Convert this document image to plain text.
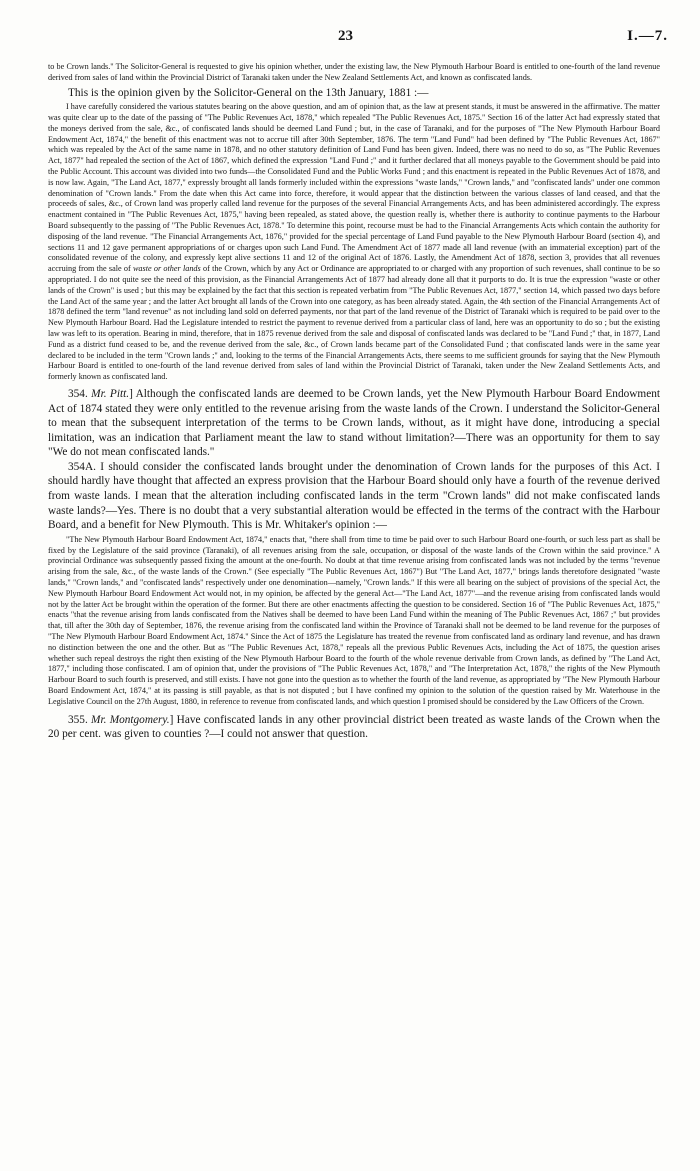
23	I.—7.

to be Crown lands." The Solicitor-General is requested to give his opinion whether, under the existing law, the New Plymouth Harbour Board is entitled to one-fourth of the land revenue derived from sales of land within the Provincial District of Taranaki taken under the New Zealand Settlements Act, and known as confiscated lands.

This is the opinion given by the Solicitor-General on the 13th January, 1881 :—

I have carefully considered the various statutes bearing on the above question, and am of opinion that, as the law at present stands, it must be answered in the affirmative. The matter was quite clear up to the date of the passing of "The Public Revenues Act, 1878," which repealed "The Public Revenues Act, 1875." Section 16 of the latter Act had expressly stated that the moneys derived from the sale, &c., of confiscated lands should be deemed Land Fund ; but, in the case of Taranaki, and for the purposes of "The New Plymouth Harbour Board Endowment Act, 1874," the benefit of this enactment was not to accrue till after 30th September, 1876. The term "Land Fund" had been defined by "The Public Revenues Act, 1867" which was repealed by the Act of the same name in 1878, and no other statutory definition of Land Fund has been given. Indeed, there was no need to do so, as "The Public Revenues Act, 1877" had repealed the section of the Act of 1867, which defined the expression "Land Fund ;" and it further declared that all moneys payable to the Government should be paid into the Public Account. This account was divided into two funds—the Consolidated Fund and the Public Works Fund ; and this enactment is repeated in the Public Revenues Act of 1878, and is now law. Again, "The Land Act, 1877," expressly brought all lands formerly included within the expressions "waste lands," "Crown lands," and "confiscated lands" under one common denomination of "Crown lands." From the date when this Act came into force, therefore, it would appear that the distinction between the various classes of land ceased, and that the proceeds of sales, &c., of Crown land was properly called land revenue for the purposes of the several Financial Arrangements Acts, and has been administered accordingly. The express enactment contained in "The Public Revenues Act, 1875," having been repealed, as stated above, the question really is, whether there is authority to continue payments to the Harbour Board subsequently to the passing of "The Public Revenues Act, 1878." To determine this point, recourse must be had to the Financial Arrangements Acts which contain the authority for disposing of the land revenue. "The Financial Arrangements Act, 1876," provided for the special percentage of Land Fund payable to the New Plymouth Harbour Board (section 4), and sections 11 and 12 gave permanent appropriations of or charges upon such Land Fund. The Amendment Act of 1877 made all land revenue (with an immaterial exception) part of the consolidated revenue of the colony, and expressly kept alive sections 11 and 12 of the original Act of 1876. Lastly, the Amendment Act of 1878, section 3, provides that all revenues accruing from the sale of waste or other lands of the Crown, which by any Act or Ordinance are appropriated to or charged with any proportion of such revenues, shall continue to be so appropriated. I do not quite see the need of this provision, as the Financial Arrangements Act of 1877 had already done all that it purports to do. It is true the expression "waste or other lands of the Crown" is used ; but this may be explained by the fact that this section is repeated verbatim from "The Public Revenues Act, 1877," section 14, which passed two days before the Land Act of the same year ; and the latter Act brought all lands of the Crown into one category, as has been already stated. Again, the 4th section of the Financial Arrangements Act of 1878 defined the term "land revenue" as not including land sold on deferred payments, nor that part of the land revenue of the District of Taranaki which is required to be paid over to the New Plymouth Harbour Board. Had the Legislature intended to restrict the payment to revenue derived from a particular class of land, here was an opportunity to do so ; but the existing law was left to its operation. Bearing in mind, therefore, that in 1875 revenue derived from the sale and disposal of confiscated lands was declared to be "Land Fund ;" that, in 1877, Land Fund as a district fund ceased to be, and the revenue derived from the sale, &c., of Crown lands became part of the Consolidated Fund ; that confiscated lands were in the same year declared to be included in the term "Crown lands ;" and, looking to the terms of the Financial Arrangements Acts, there seems to me sufficient grounds for saying that the New Plymouth Harbour Board is entitled to one-fourth of the land revenue derived from sales of land within the Provincial District of Taranaki, taken under the New Zealand Settlements Acts, and formerly known as confiscated land.

354. Mr. Pitt.] Although the confiscated lands are deemed to be Crown lands, yet the New Plymouth Harbour Board Endowment Act of 1874 stated they were only entitled to the revenue arising from the waste lands of the Crown. I understand the Solicitor-General to mean that the subsequent interpretation of the terms to be Crown lands, without, as it might have done, introducing a special limitation, was an indication that Parliament meant the law to stand without limitation?—There was an opportunity for them to say "We do not mean confiscated lands."

354A. I should consider the confiscated lands brought under the denomination of Crown lands for the purposes of this Act. I should hardly have thought that affected an express provision that the Harbour Board should only have a fourth of the revenue derived from waste lands. I mean that the alteration including confiscated lands in the term "Crown lands" did not make confiscated lands waste lands?—Yes. There is no doubt that a very substantial alteration would be effected in the terms of the contract with the Harbour Board, and a benefit for New Plymouth. This is Mr. Whitaker's opinion :—

"The New Plymouth Harbour Board Endowment Act, 1874," enacts that, "there shall from time to time be paid over to such Harbour Board one-fourth, or such less part as shall be fixed by the Legislature of the said province (Taranaki), of all revenues arising from the sale, occupation, or disposal of the waste lands of the Crown within the said province." A provincial Ordinance was subsequently passed fixing the amount at the one-fourth. No doubt at that time revenue arising from confiscated lands was not included by the terms "revenue arising from the sale, &c., of the waste lands of the Crown." (See especially "The Public Revenues Act, 1867") But "The Land Act, 1877," brings lands theretofore designated "waste lands," "Crown lands," and "confiscated lands" respectively under one denomination—namely, "Crown lands." If this were all bearing on the subject of provisions of the special Act, the New Plymouth Harbour Board Endowment Act would not, in my opinion, be affected by the general Act—"The Land Act, 1877"—and the revenue arising from confiscated lands would not by the latter Act be brought within the operation of the former. But there are other enactments affecting the question to be considered. Section 16 of "The Public Revenues Act, 1875," enacts "that the revenue arising from lands confiscated from the Natives shall be deemed to have been Land Fund within the meaning of The Public Revenues Act, 1867 ;" but provides that, till after the 30th day of September, 1876, the revenue arising from the confiscated land within the Province of Taranaki shall not be deemed to be land revenue for the purposes of "The New Plymouth Harbour Board Endowment Act, 1874." Since the Act of 1875 the Legislature has treated the revenue from confiscated land as ordinary land revenue, and has drawn no distinction between the one and the other. But as "The Public Revenues Act, 1878," repeals all the previous Public Revenues Acts, including the Act of 1875, the question arises whether such repeal destroys the right then existing of the New Plymouth Harbour Board to the fourth of the whole revenue derivable from Crown lands, as defined by "The Land Act, 1877," including those confiscated. I am of opinion that, under the provisions of "The Public Revenues Act, 1878," and "The Interpretation Act, 1878," the rights of the New Plymouth Harbour Board to such fourth is preserved, and still exists. I have not gone into the question as to whether the fourth of the land revenue, as appropriated by "The New Plymouth Harbour Board Endowment Act, 1874," at its passing is still payable, as that is not disputed ; but I have confined my opinion to the solution of the question raised by Mr. Waterhouse in the Legislative Council on the 27th August, 1880, in reference to revenue from confiscated lands, and which question I promised should be considered by the Law Officers of the Crown.

355. Mr. Montgomery.] Have confiscated lands in any other provincial district been treated as waste lands of the Crown when the 20 per cent. was given to counties ?—I could not answer that question.
